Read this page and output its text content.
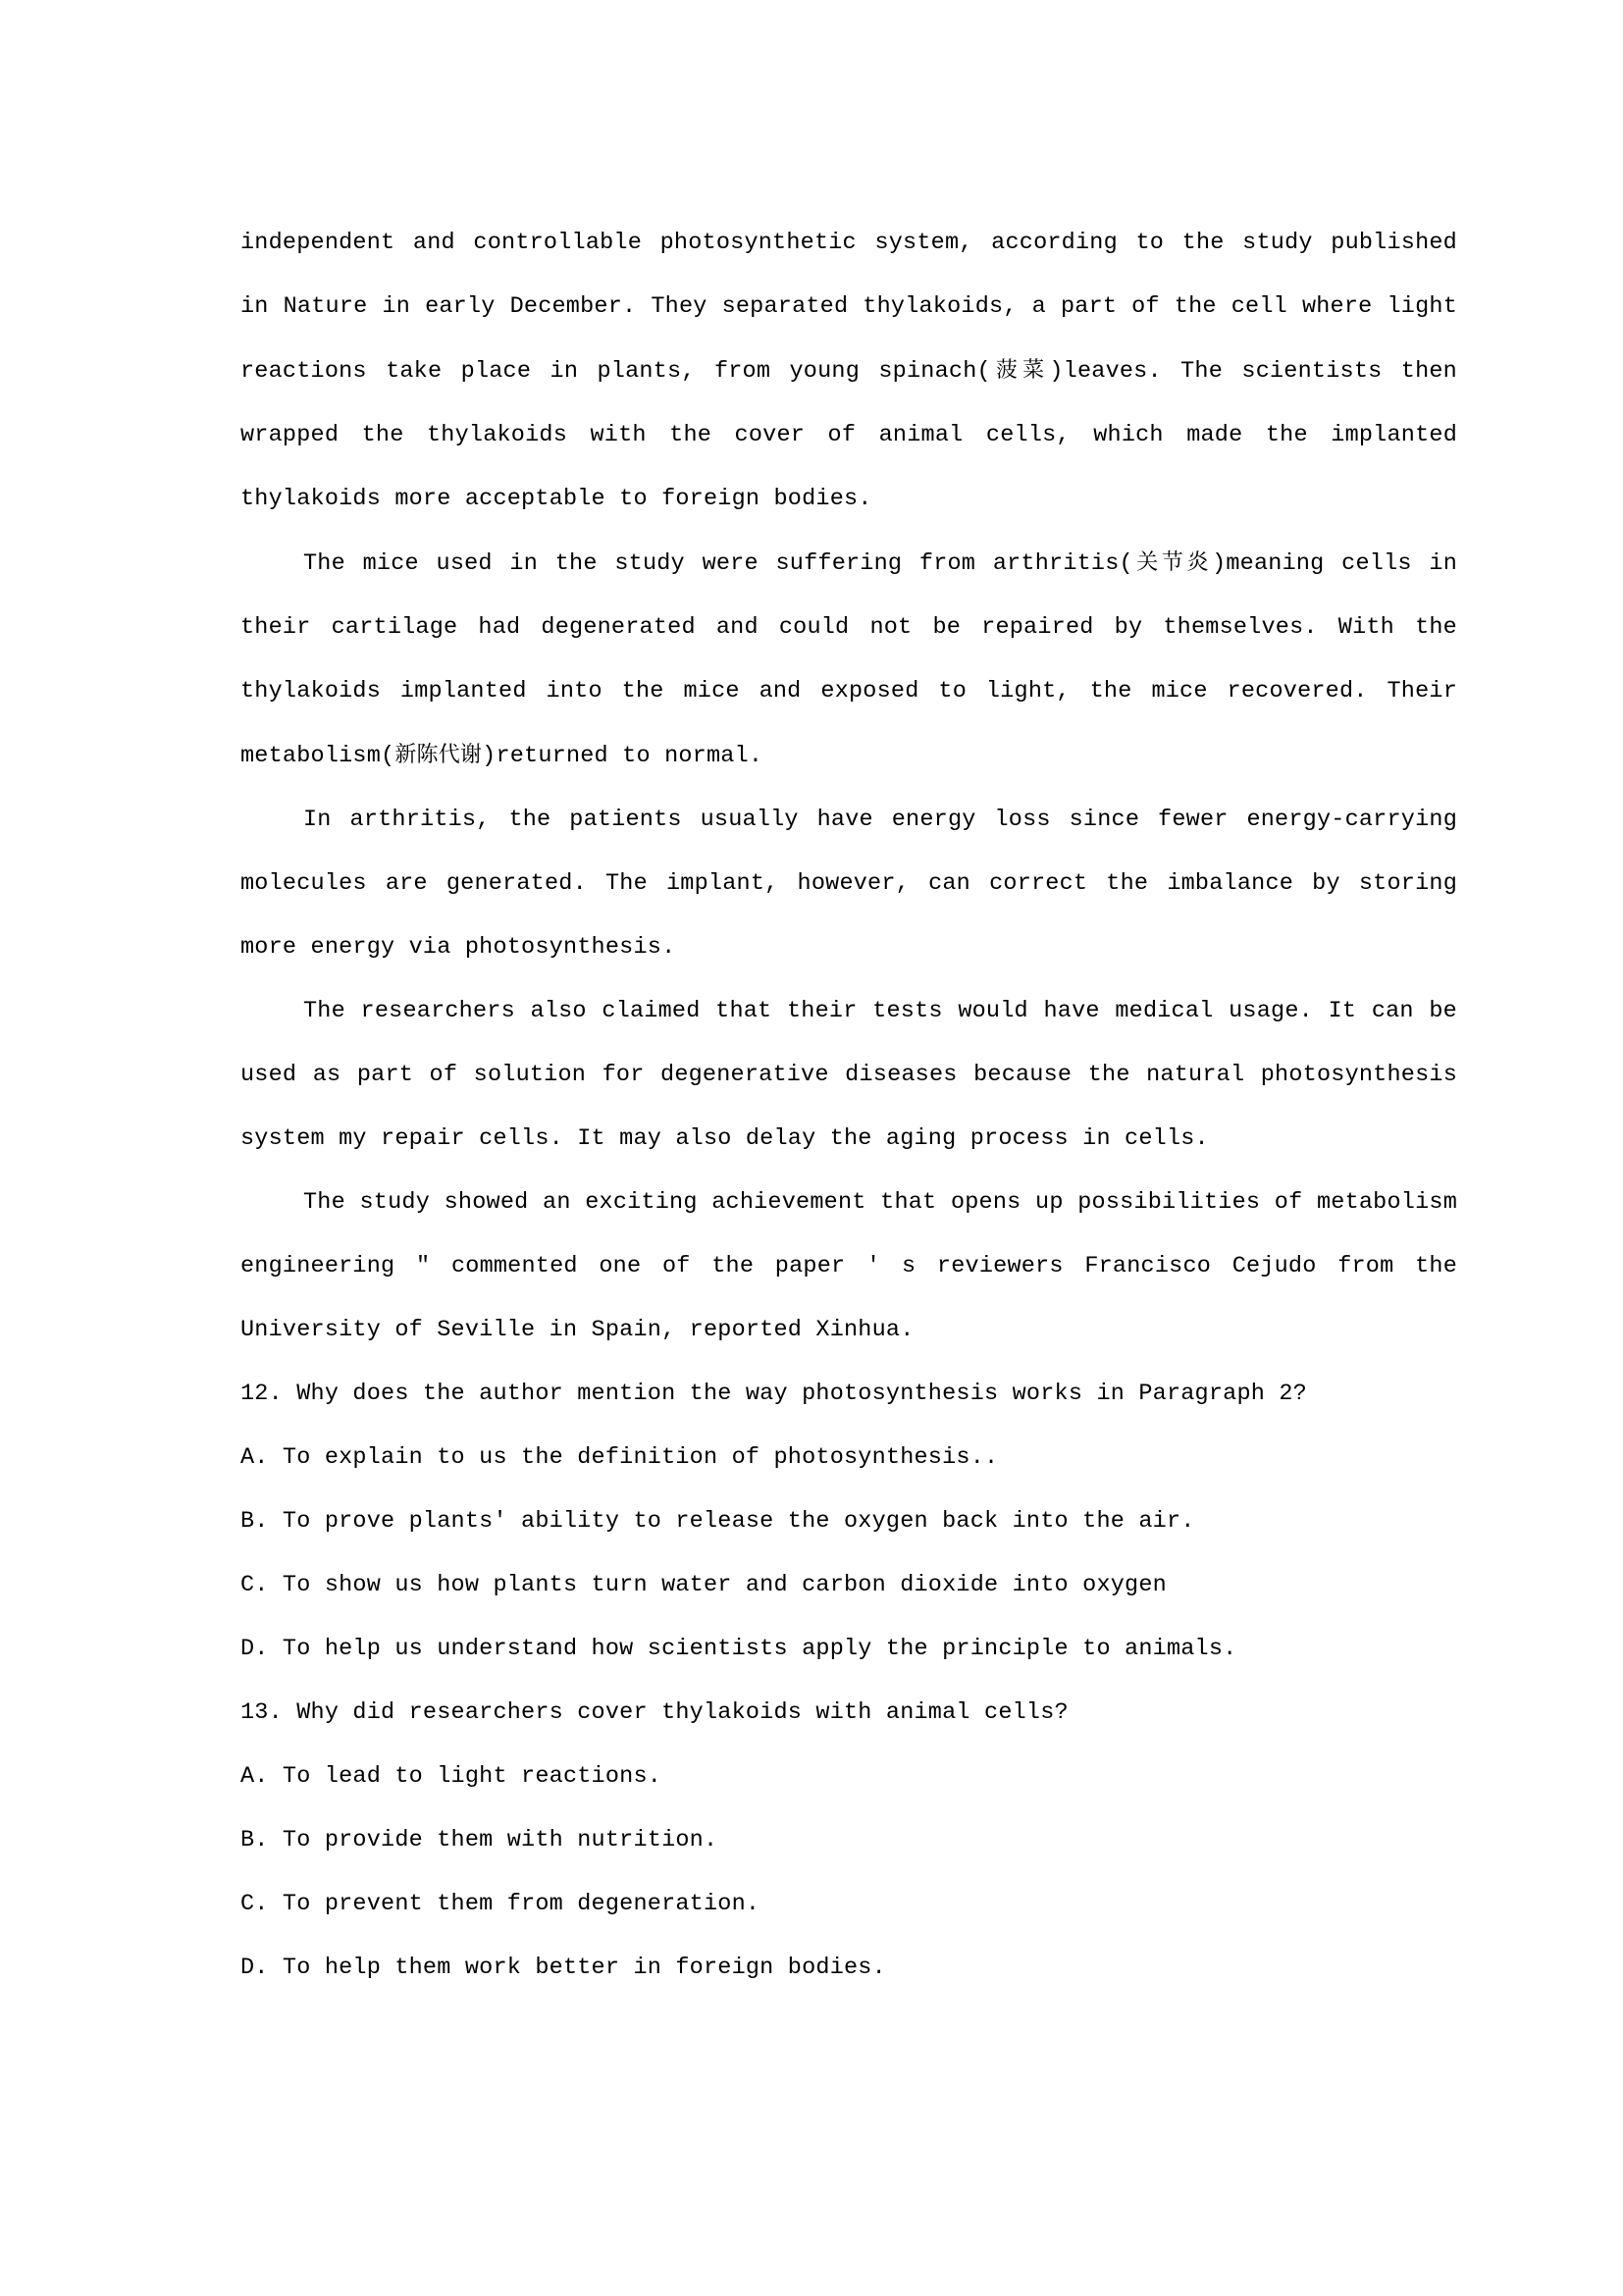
independent and controllable photosynthetic system, according to the study published in Nature in early December. They separated thylakoids, a part of the cell where light reactions take place in plants, from young spinach(菠菜)leaves. The scientists then wrapped the thylakoids with the cover of animal cells, which made the implanted thylakoids more acceptable to foreign bodies.

The mice used in the study were suffering from arthritis(关节炎)meaning cells in their cartilage had degenerated and could not be repaired by themselves. With the thylakoids implanted into the mice and exposed to light, the mice recovered. Their metabolism(新陈代谢)returned to normal.

In arthritis, the patients usually have energy loss since fewer energy-carrying molecules are generated. The implant, however, can correct the imbalance by storing more energy via photosynthesis.

The researchers also claimed that their tests would have medical usage. It can be used as part of solution for degenerative diseases because the natural photosynthesis system my repair cells. It may also delay the aging process in cells.

The study showed an exciting achievement that opens up possibilities of metabolism engineering " commented one of the paper ' s reviewers Francisco Cejudo from the University of Seville in Spain, reported Xinhua.

12. Why does the author mention the way photosynthesis works in Paragraph 2?

A. To explain to us the definition of photosynthesis..

B. To prove plants' ability to release the oxygen back into the air.

C. To show us how plants turn water and carbon dioxide into oxygen

D. To help us understand how scientists apply the principle to animals.

13. Why did researchers cover thylakoids with animal cells?

A. To lead to light reactions.

B. To provide them with nutrition.

C. To prevent them from degeneration.

D. To help them work better in foreign bodies.
